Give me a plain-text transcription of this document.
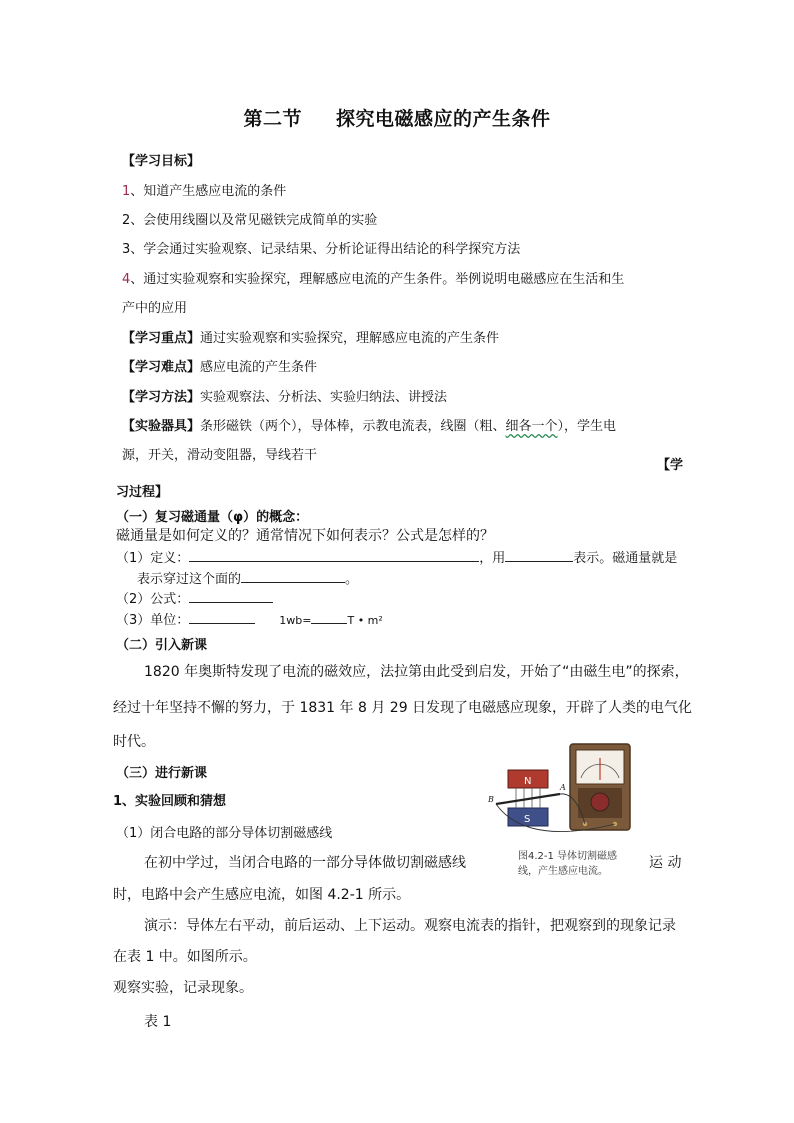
第二节 探究电磁感应的产生条件
【学习目标】
1、知道产生感应电流的条件
2、会使用线圈以及常见磁铁完成简单的实验
3、学会通过实验观察、记录结果、分析论证得出结论的科学探究方法
4、通过实验观察和实验探究，理解感应电流的产生条件。举例说明电磁感应在生活和生
产中的应用
【学习重点】通过实验观察和实验探究，理解感应电流的产生条件
【学习难点】感应电流的产生条件
【学习方法】实验观察法、分析法、实验归纳法、讲授法
【实验器具】条形磁铁（两个），导体棒，示教电流表，线圈（粗、细各一个），学生电
源，开关，滑动变阻器，导线若干
【学
习过程】
（一）复习磁通量（φ）的概念：
磁通量是如何定义的？通常情况下如何表示？公式是怎样的？
（1）定义：	，用	表示。磁通量就是
表示穿过这个面的	。
（2）公式：
（3）单位：	1wb=	T • m²
（二）引入新课
1820 年奥斯特发现了电流的磁效应，法拉第由此受到启发，开始了“由磁生电”的探索，
经过十年坚持不懈的努力，于 1831 年 8 月 29 日发现了电磁感应现象，开辟了人类的电气化
时代。
（三）进行新课
1、实验回顾和猜想
（1）闭合电路的部分导体切割磁感线
在初中学过，当闭合电路的一部分导体做切割磁感线	运 动
时，电路中会产生感应电流，如图 4.2-1 所示。
演示：导体左右平动，前后运动、上下运动。观察电流表的指针，把观察到的现象记录
在表 1 中。如图所示。
观察实验，记录现象。
表 1
N
S
A
B
图4.2-1 导体切割磁感
线，产生感应电流。
